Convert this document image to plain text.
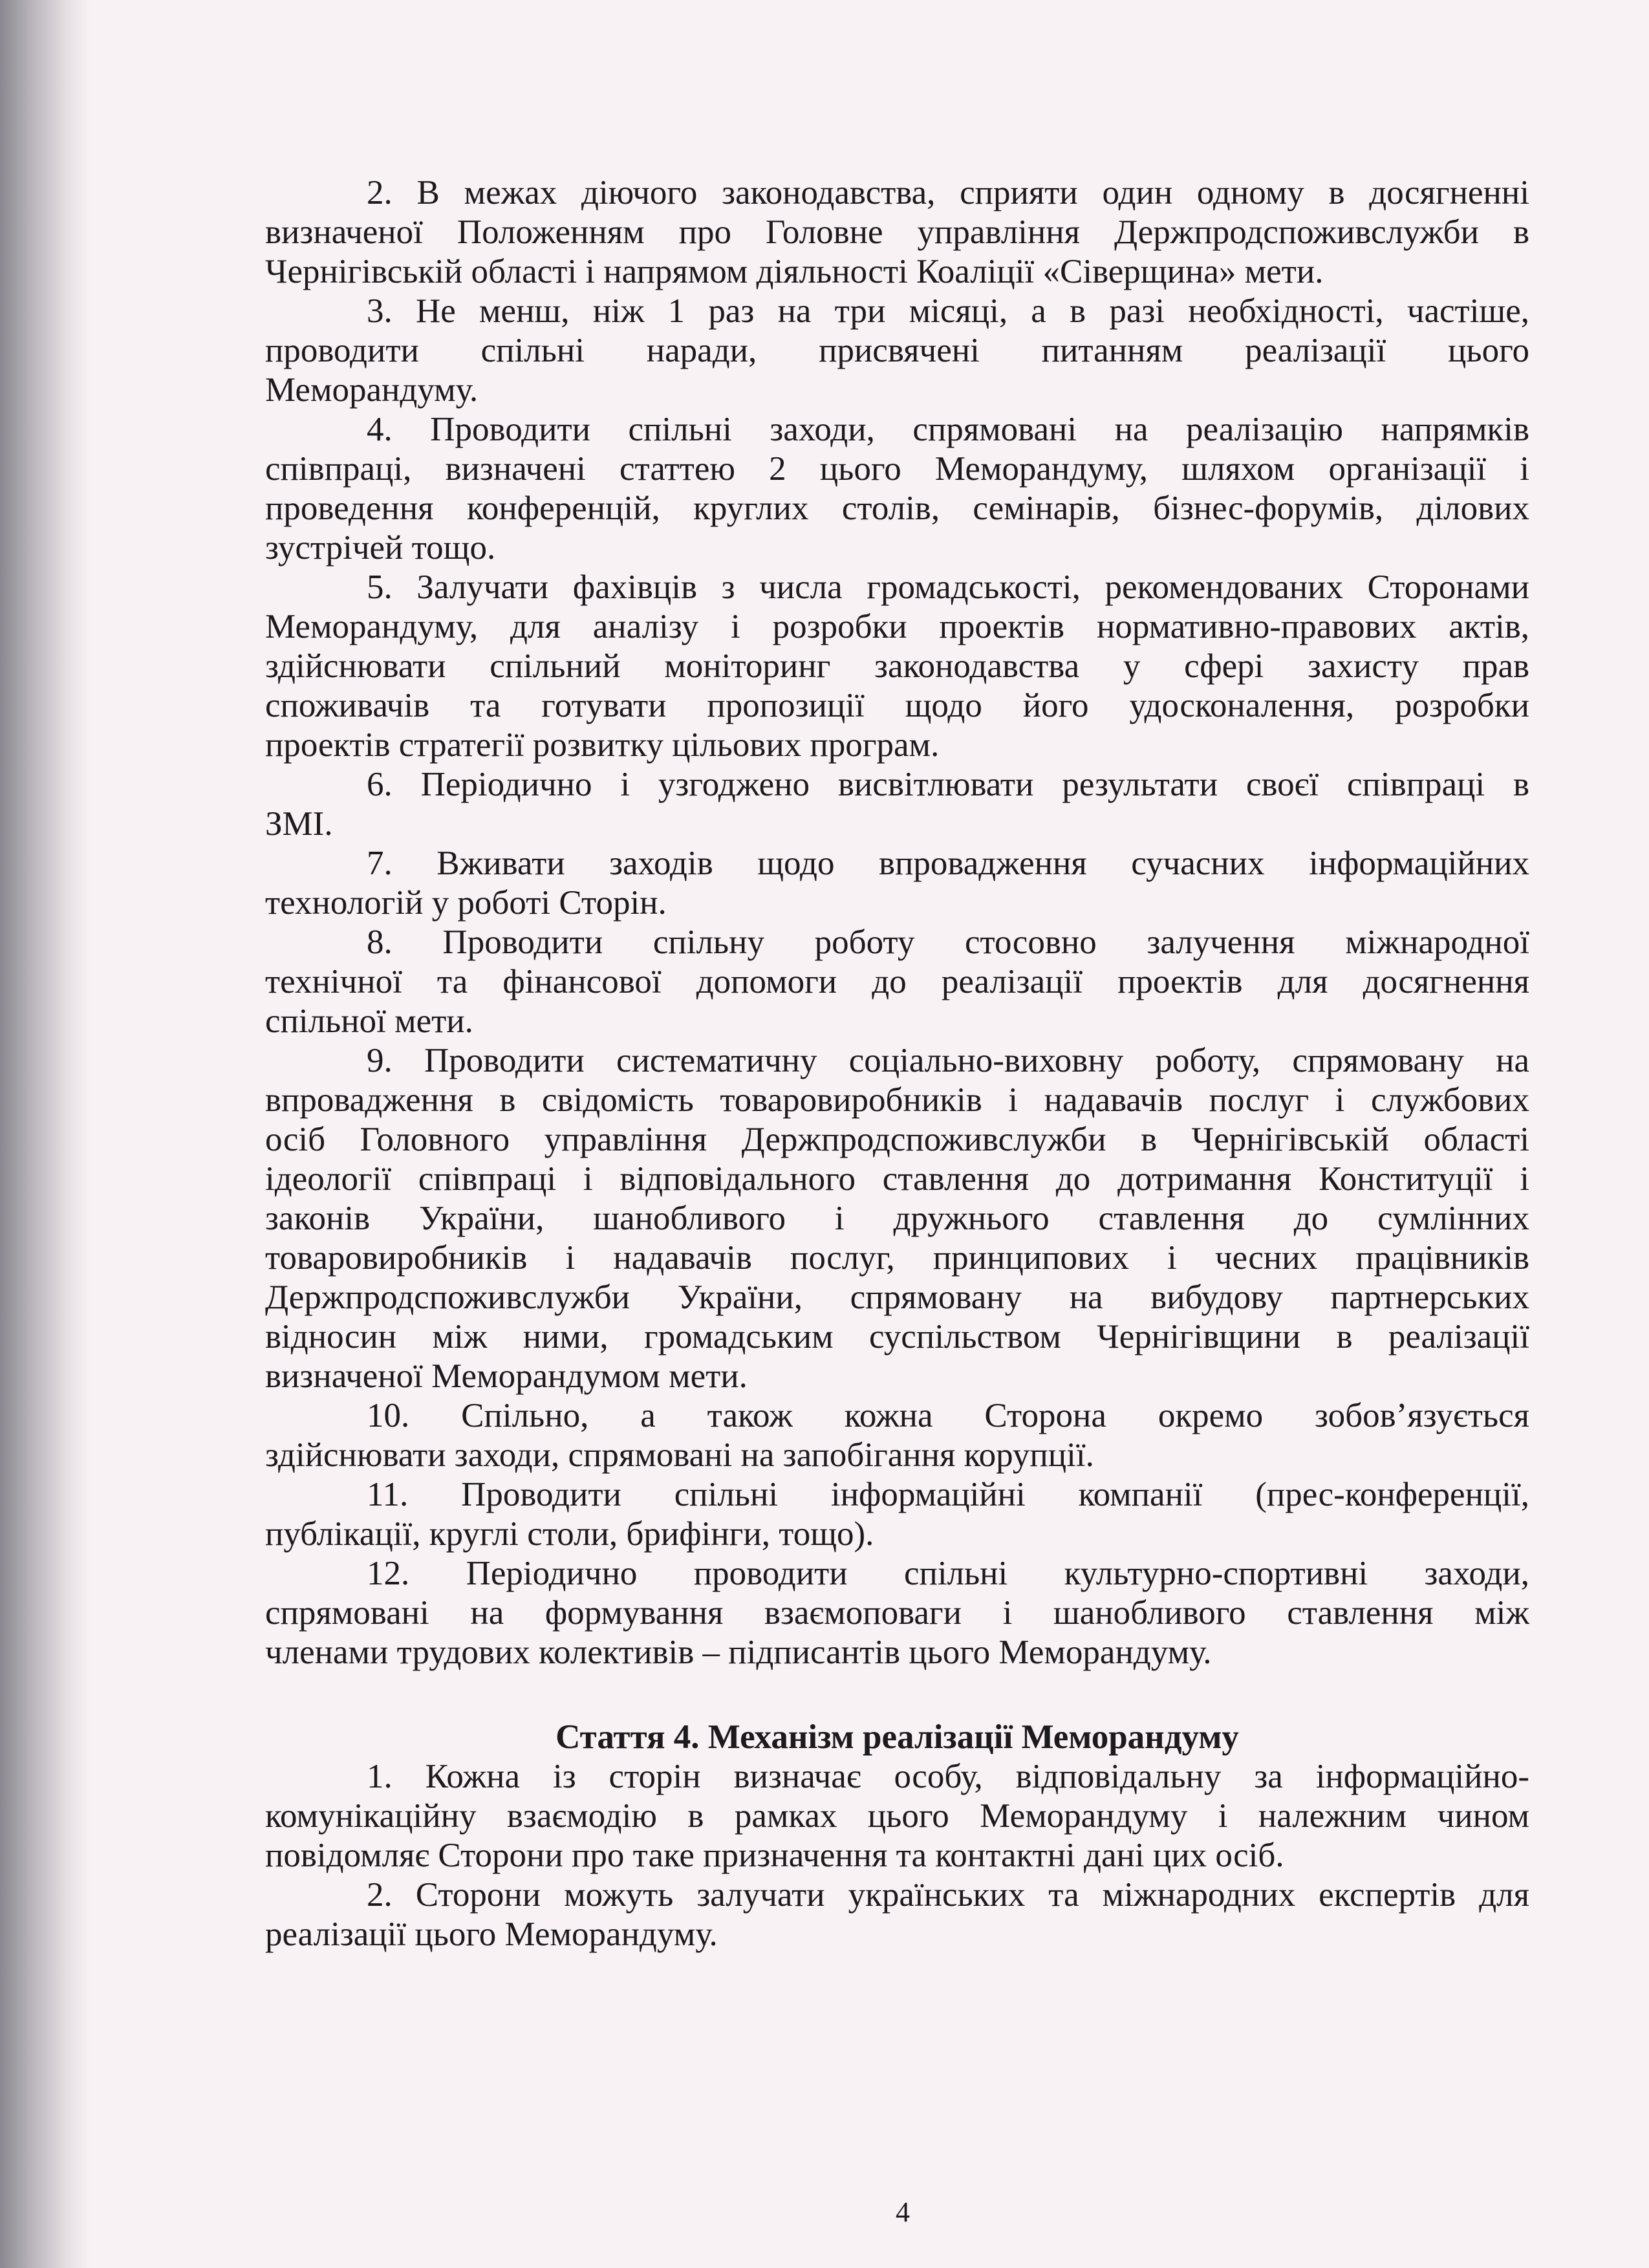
2. В межах діючого законодавства, сприяти один одному в досягненні
визначеної Положенням про Головне управління Держпродспоживслужби в
Чернігівській області і напрямом діяльності Коаліції «Сіверщина» мети.
3. Не менш, ніж 1 раз на три місяці, а в разі необхідності, частіше,
проводити спільні наради, присвячені питанням реалізації цього
Меморандуму.
4. Проводити спільні заходи, спрямовані на реалізацію напрямків
співпраці, визначені статтею 2 цього Меморандуму, шляхом організації і
проведення конференцій, круглих столів, семінарів, бізнес-форумів, ділових
зустрічей тощо.
5. Залучати фахівців з числа громадськості, рекомендованих Сторонами
Меморандуму, для аналізу і розробки проектів нормативно-правових актів,
здійснювати спільний моніторинг законодавства у сфері захисту прав
споживачів та готувати пропозиції щодо його удосконалення, розробки
проектів стратегії розвитку цільових програм.
6. Періодично і узгоджено висвітлювати результати своєї співпраці в
ЗМІ.
7. Вживати заходів щодо впровадження сучасних інформаційних
технологій у роботі Сторін.
8. Проводити спільну роботу стосовно залучення міжнародної
технічної та фінансової допомоги до реалізації проектів для досягнення
спільної мети.
9. Проводити систематичну соціально-виховну роботу, спрямовану на
впровадження в свідомість товаровиробників і надавачів послуг і службових
осіб Головного управління Держпродспоживслужби в Чернігівській області
ідеології співпраці і відповідального ставлення до дотримання Конституції і
законів України, шанобливого і дружнього ставлення до сумлінних
товаровиробників і надавачів послуг, принципових і чесних працівників
Держпродспоживслужби України, спрямовану на вибудову партнерських
відносин між ними, громадським суспільством Чернігівщини в реалізації
визначеної Меморандумом мети.
10. Спільно, а також кожна Сторона окремо зобов’язується
здійснювати заходи, спрямовані на запобігання корупції.
11. Проводити спільні інформаційні компанії (прес-конференції,
публікації, круглі столи, брифінги, тощо).
12. Періодично проводити спільні культурно-спортивні заходи,
спрямовані на формування взаємоповаги і шанобливого ставлення між
членами трудових колективів – підписантів цього Меморандуму.
Стаття 4. Механізм реалізації Меморандуму
1. Кожна із сторін визначає особу, відповідальну за інформаційно-
комунікаційну взаємодію в рамках цього Меморандуму і належним чином
повідомляє Сторони про таке призначення та контактні дані цих осіб.
2. Сторони можуть залучати українських та міжнародних експертів для
реалізації цього Меморандуму.
4
